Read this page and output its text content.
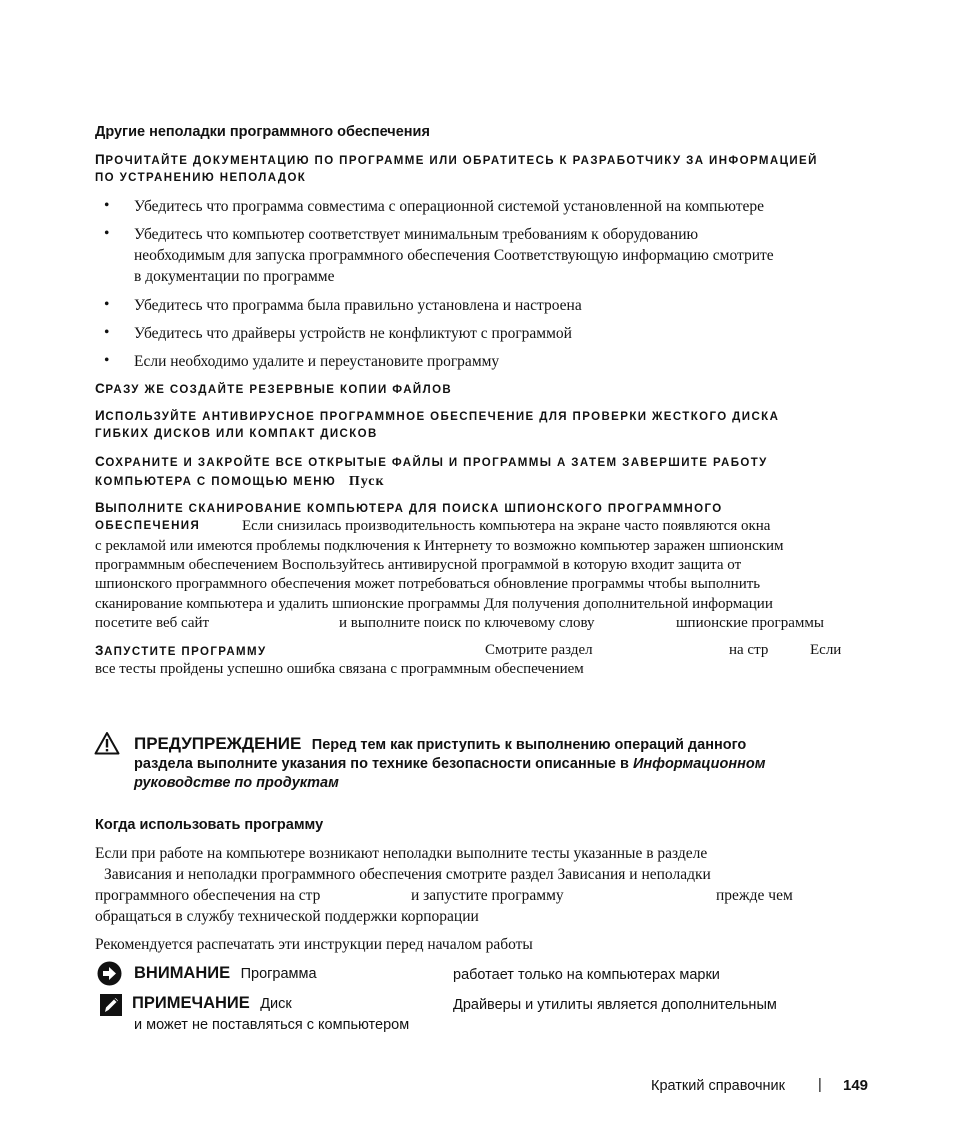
Другие неполадки программного обеспечения
ПРОЧИТАЙТЕ ДОКУМЕНТАЦИЮ ПО ПРОГРАММЕ ИЛИ ОБРАТИТЕСЬ К РАЗРАБОТЧИКУ ЗА ИНФОРМАЦИЕЙ
ПО УСТРАНЕНИЮ НЕПОЛАДОК
• Убедитесь что программа совместима с операционной системой установленной на компьютере
• Убедитесь что компьютер соответствует минимальным требованиям к оборудованию
необходимым для запуска программного обеспечения Соответствующую информацию смотрите
в документации по программе
• Убедитесь что программа была правильно установлена и настроена
• Убедитесь что драйверы устройств не конфликтуют с программой
• Если необходимо удалите и переустановите программу
СРАЗУ ЖЕ СОЗДАЙТЕ РЕЗЕРВНЫЕ КОПИИ ФАЙЛОВ
ИСПОЛЬЗУЙТЕ АНТИВИРУСНОЕ ПРОГРАММНОЕ ОБЕСПЕЧЕНИЕ ДЛЯ ПРОВЕРКИ ЖЕСТКОГО ДИСКА
ГИБКИХ ДИСКОВ ИЛИ КОМПАКТ ДИСКОВ
СОХРАНИТЕ И ЗАКРОЙТЕ ВСЕ ОТКРЫТЫЕ ФАЙЛЫ И ПРОГРАММЫ А ЗАТЕМ ЗАВЕРШИТЕ РАБОТУ
КОМПЬЮТЕРА С ПОМОЩЬЮ МЕНЮ Пуск
ВЫПОЛНИТЕ СКАНИРОВАНИЕ КОМПЬЮТЕРА ДЛЯ ПОИСКА ШПИОНСКОГО ПРОГРАММНОГО
ОБЕСПЕЧЕНИЯ	Если снизилась производительность компьютера на экране часто появляются окна
с рекламой или имеются проблемы подключения к Интернету то возможно компьютер заражен шпионским
программным обеспечением Воспользуйтесь антивирусной программой в которую входит защита от
шпионского программного обеспечения может потребоваться обновление программы чтобы выполнить
сканирование компьютера и удалить шпионские программы Для получения дополнительной информации
посетите веб сайт	и выполните поиск по ключевому слову	шпионские программы
ЗАПУСТИТЕ ПРОГРАММУ	Смотрите раздел	на стр	Если
все тесты пройдены успешно ошибка связана с программным обеспечением
ПРЕДУПРЕЖДЕНИЕ Перед тем как приступить к выполнению операций данного
раздела выполните указания по технике безопасности описанные в Информационном
руководстве по продуктам
Когда использовать программу
Если при работе на компьютере возникают неполадки выполните тесты указанные в разделе
Зависания и неполадки программного обеспечения смотрите раздел Зависания и неполадки
программного обеспечения на стр	и запустите программу	прежде чем
обращаться в службу технической поддержки корпорации
Рекомендуется распечатать эти инструкции перед началом работы
ВНИМАНИЕ Программа	работает только на компьютерах марки
ПРИМЕЧАНИЕ Диск	Драйверы и утилиты является дополнительным
и может не поставляться с компьютером
Краткий справочник | 149
